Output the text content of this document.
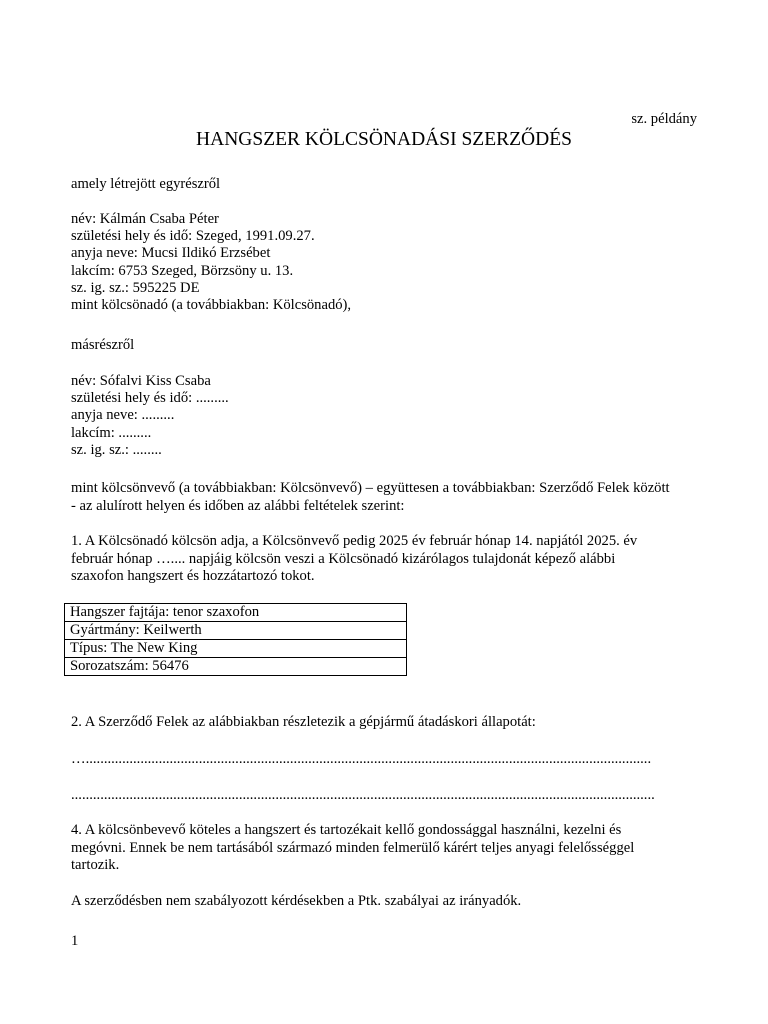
sz. példány
HANGSZER KÖLCSÖNADÁSI SZERZŐDÉS
amely létrejött egyrészről
név: Kálmán Csaba Péter
születési hely és idő: Szeged, 1991.09.27.
anyja neve: Mucsi Ildikó Erzsébet
lakcím: 6753 Szeged, Börzsöny u. 13.
sz. ig. sz.: 595225 DE
mint kölcsönadó (a továbbiakban: Kölcsönadó),
másrészről
név: Sófalvi Kiss Csaba
születési hely és idő: .........
anyja neve: .........
lakcím: .........
sz. ig. sz.: ........
mint kölcsönvevő (a továbbiakban: Kölcsönvevő) – együttesen a továbbiakban: Szerződő Felek között
- az alulírott helyen és időben az alábbi feltételek szerint:
1. A Kölcsönadó kölcsön adja, a Kölcsönvevő pedig 2025 év február hónap 14. napjától 2025. év
február hónap ….... napjáig kölcsön veszi a Kölcsönadó kizárólagos tulajdonát képező alábbi
szaxofon hangszert és hozzátartozó tokot.
Hangszer fajtája: tenor szaxofon
Gyártmány: Keilwerth
Típus: The New King
Sorozatszám: 56476
2. A Szerződő Felek az alábbiakban részletezik a gépjármű átadáskori állapotát:
…...........................................................................................................................................................
................................................................................................................................................................
4. A kölcsönbevevő köteles a hangszert és tartozékait kellő gondossággal használni, kezelni és
megóvni. Ennek be nem tartásából származó minden felmerülő kárért teljes anyagi felelősséggel
tartozik.
A szerződésben nem szabályozott kérdésekben a Ptk. szabályai az irányadók.
1
